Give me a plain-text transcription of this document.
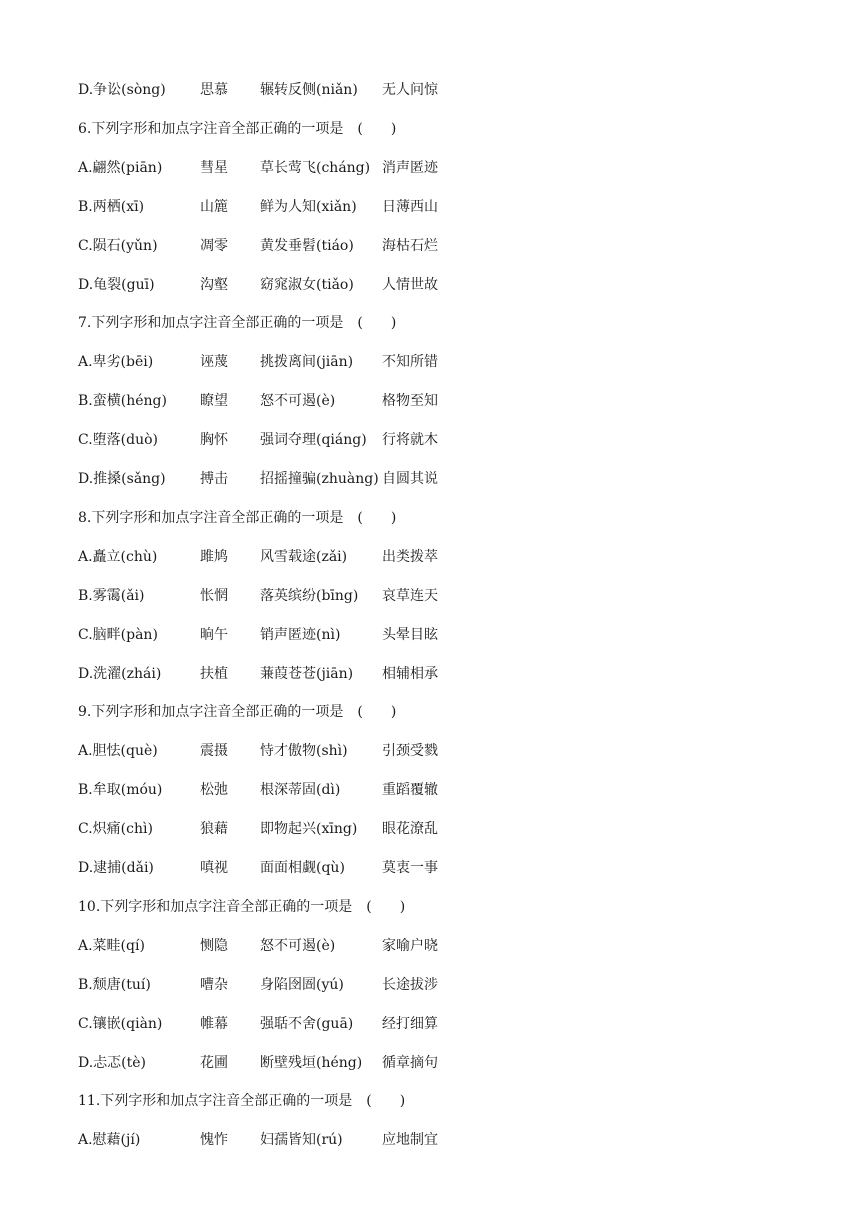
D.争讼(sòng) 思慕 辗转反侧(niǎn) 无人问惊
6.下列字形和加点字注音全部正确的一项是　(　　)
A.翩然(piān)	彗星 草长莺飞(cháng) 消声匿迹
B.两栖(xī)	山簏 鲜为人知(xiǎn) 日薄西山
C.陨石(yǔn)	凋零 黄发垂髫(tiáo) 海枯石烂
D.龟裂(guī)	沟壑 窈窕淑女(tiǎo) 人情世故
7.下列字形和加点字注音全部正确的一项是　(　　)
A.卑劣(bēi)	诬蔑 挑拨离间(jiān) 不知所错
B.蛮横(héng) 瞭望 怒不可遏(è)	格物至知
C.堕落(duò)	胸怀 强词夺理(qiáng) 行将就木
D.推搡(sǎng) 搏击 招摇撞骗(zhuàng) 自圆其说
8.下列字形和加点字注音全部正确的一项是　(　　)
A.矗立(chù)	雎鸠 风雪载途(zǎi) 出类拨萃
B.雾霭(ǎi)	怅惘 落英缤纷(bīng) 哀草连天
C.脑畔(pàn)	晌午 销声匿迹(nì)	头晕目眩
D.洗濯(zhái)	扶植 蒹葭苍苍(jiān) 相辅相承
9.下列字形和加点字注音全部正确的一项是　(　　)
A.胆怯(què)	震摄 恃才傲物(shì) 引颈受戮
B.牟取(móu)	松弛 根深蒂固(dì)	重蹈覆辙
C.炽痛(chì)	狼藉 即物起兴(xīng) 眼花潦乱
D.逮捕(dǎi)	嗔视 面面相觑(qù)	莫衷一事
10.下列字形和加点字注音全部正确的一项是　(　　)
A.菜畦(qí)	恻隐 怒不可遏(è)	家喻户晓
B.颓唐(tuí)	嘈杂 身陷囹圄(yú)	长途拔涉
C.镶嵌(qiàn)	帷幕 强聒不舍(guā) 经打细算
D.忐忑(tè)	花圃 断壁残垣(héng) 循章摘句
11.下列字形和加点字注音全部正确的一项是　(　　)
A.慰藉(jí)	愧怍 妇孺皆知(rú)	应地制宜
